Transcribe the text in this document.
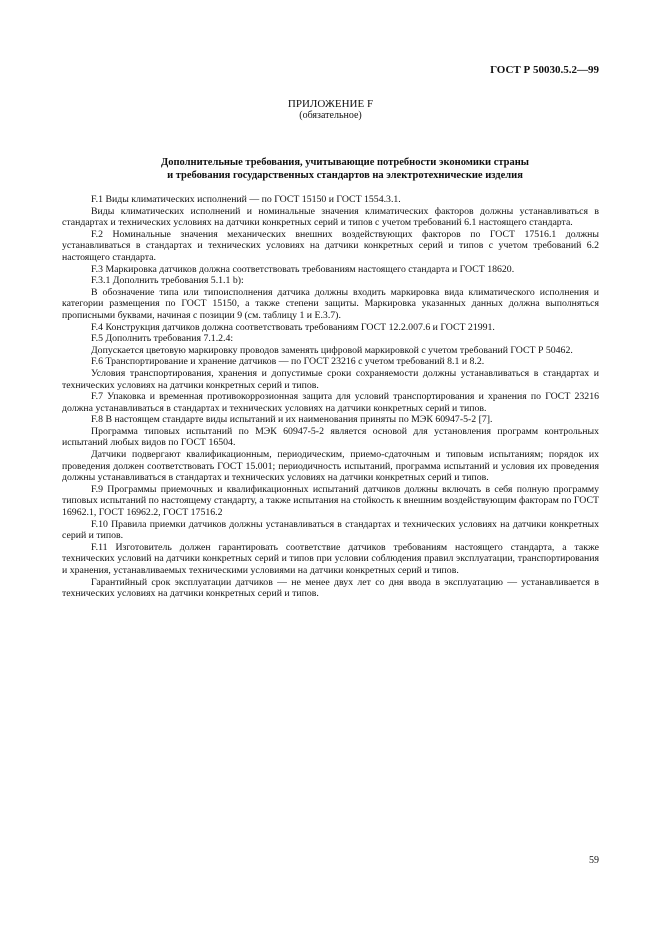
ГОСТ Р 50030.5.2—99
ПРИЛОЖЕНИЕ F
(обязательное)
Дополнительные требования, учитывающие потребности экономики страны
и требования государственных стандартов на электротехнические изделия

F.1 Виды климатических исполнений — по ГОСТ 15150 и ГОСТ 1554.3.1.

Виды климатических исполнений и номинальные значения климатических факторов должны устанавливаться в стандартах и технических условиях на датчики конкретных серий и типов с учетом требований 6.1 настоящего стандарта.

F.2 Номинальные значения механических внешних воздействующих факторов по ГОСТ 17516.1 должны устанавливаться в стандартах и технических условиях на датчики конкретных серий и типов с учетом требований 6.2 настоящего стандарта.

F.3 Маркировка датчиков должна соответствовать требованиям настоящего стандарта и ГОСТ 18620.

F.3.1 Дополнить требования 5.1.1 b):

В обозначение типа или типоисполнения датчика должны входить маркировка вида климатического исполнения и категории размещения по ГОСТ 15150, а также степени защиты. Маркировка указанных данных должна выполняться прописными буквами, начиная с позиции 9 (см. таблицу 1 и Е.3.7).

F.4 Конструкция датчиков должна соответствовать требованиям ГОСТ 12.2.007.6 и ГОСТ 21991.

F.5 Дополнить требования 7.1.2.4:

Допускается цветовую маркировку проводов заменять цифровой маркировкой с учетом требований ГОСТ Р 50462.

F.6 Транспортирование и хранение датчиков — по ГОСТ 23216 с учетом требований 8.1 и 8.2.

Условия транспортирования, хранения и допустимые сроки сохраняемости должны устанавливаться в стандартах и технических условиях на датчики конкретных серий и типов.

F.7 Упаковка и временная противокоррозионная защита для условий транспортирования и хранения по ГОСТ 23216 должна устанавливаться в стандартах и технических условиях на датчики конкретных серий и типов.

F.8 В настоящем стандарте виды испытаний и их наименования приняты по МЭК 60947-5-2 [7].

Программа типовых испытаний по МЭК 60947-5-2 является основой для установления программ контрольных испытаний любых видов по ГОСТ 16504.

Датчики подвергают квалификационным, периодическим, приемо-сдаточным и типовым испытаниям; порядок их проведения должен соответствовать ГОСТ 15.001; периодичность испытаний, программа испытаний и условия их проведения должны устанавливаться в стандартах и технических условиях на датчики конкретных серий и типов.

F.9 Программы приемочных и квалификационных испытаний датчиков должны включать в себя полную программу типовых испытаний по настоящему стандарту, а также испытания на стойкость к внешним воздействующим факторам по ГОСТ 16962.1, ГОСТ 16962.2, ГОСТ 17516.2

F.10 Правила приемки датчиков должны устанавливаться в стандартах и технических условиях на датчики конкретных серий и типов.

F.11 Изготовитель должен гарантировать соответствие датчиков требованиям настоящего стандарта, а также технических условий на датчики конкретных серий и типов при условии соблюдения правил эксплуатации, транспортирования и хранения, устанавливаемых техническими условиями на датчики конкретных серий и типов.

Гарантийный срок эксплуатации датчиков — не менее двух лет со дня ввода в эксплуатацию — устанавливается в технических условиях на датчики конкретных серий и типов.

59
